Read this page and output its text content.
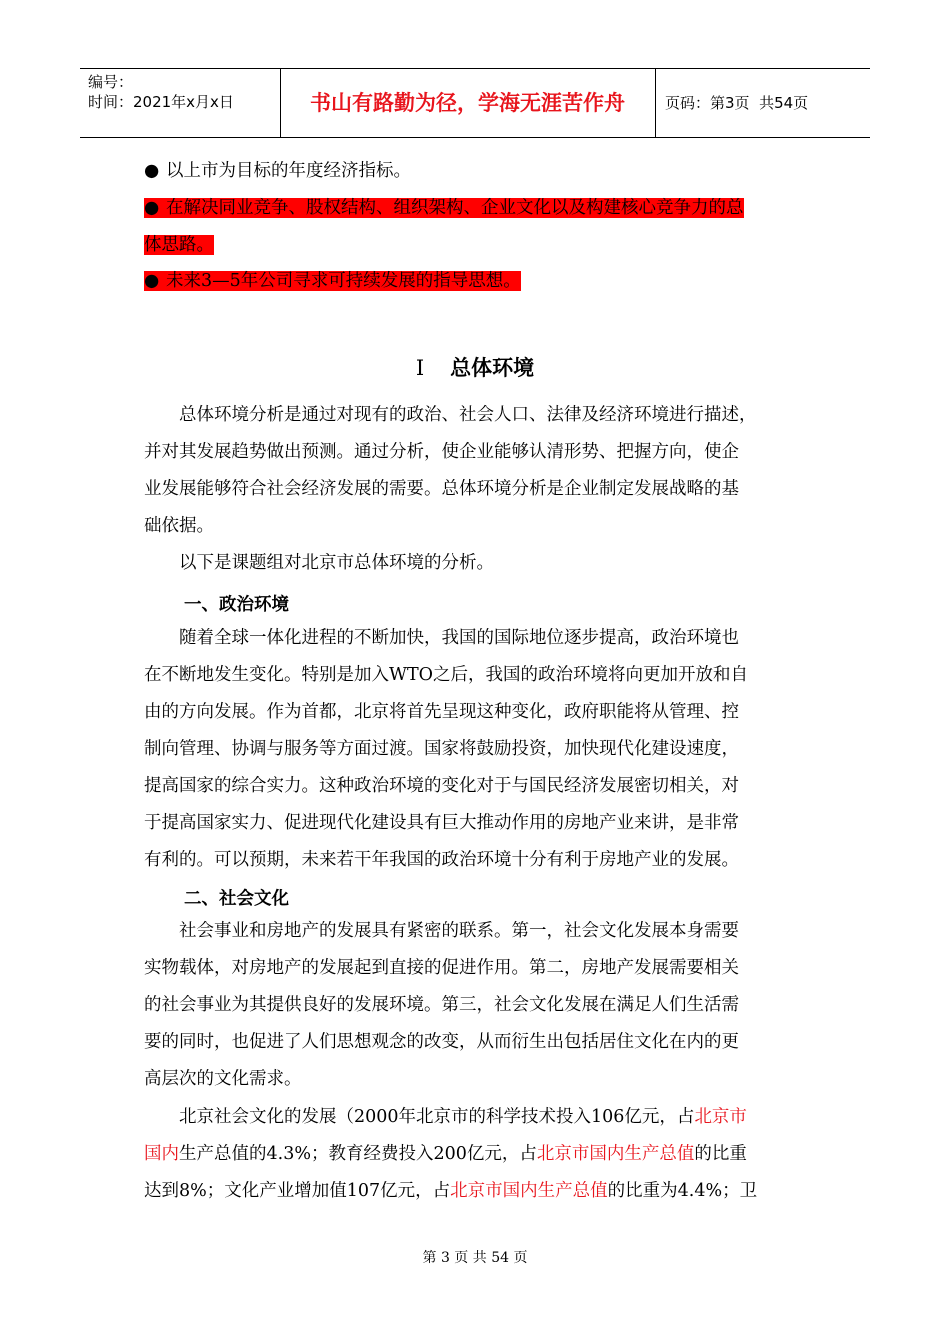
编号：
时间：2021年x月x日	书山有路勤为径，学海无涯苦作舟	页码：第3页  共54页
● 以上市为目标的年度经济指标。
● 在解决同业竞争、股权结构、组织架构、企业文化以及构建核心竞争力的总
体思路。
● 未来3—5年公司寻求可持续发展的指导思想。
I 总体环境
　　总体环境分析是通过对现有的政治、社会人口、法律及经济环境进行描述，
并对其发展趋势做出预测。通过分析，使企业能够认清形势、把握方向，使企
业发展能够符合社会经济发展的需要。总体环境分析是企业制定发展战略的基
础依据。
　　以下是课题组对北京市总体环境的分析。
一、政治环境
　　随着全球一体化进程的不断加快，我国的国际地位逐步提高，政治环境也
在不断地发生变化。特别是加入WTO之后，我国的政治环境将向更加开放和自
由的方向发展。作为首都，北京将首先呈现这种变化，政府职能将从管理、控
制向管理、协调与服务等方面过渡。国家将鼓励投资，加快现代化建设速度，
提高国家的综合实力。这种政治环境的变化对于与国民经济发展密切相关，对
于提高国家实力、促进现代化建设具有巨大推动作用的房地产业来讲，是非常
有利的。可以预期，未来若干年我国的政治环境十分有利于房地产业的发展。
二、社会文化
　　社会事业和房地产的发展具有紧密的联系。第一，社会文化发展本身需要
实物载体，对房地产的发展起到直接的促进作用。第二，房地产发展需要相关
的社会事业为其提供良好的发展环境。第三，社会文化发展在满足人们生活需
要的同时，也促进了人们思想观念的改变，从而衍生出包括居住文化在内的更
高层次的文化需求。
　　北京社会文化的发展（2000年北京市的科学技术投入106亿元，占北京市
国内生产总值的4.3%；教育经费投入200亿元，占北京市国内生产总值的比重
达到8%；文化产业增加值107亿元，占北京市国内生产总值的比重为4.4%；卫
第 3 页 共 54 页
